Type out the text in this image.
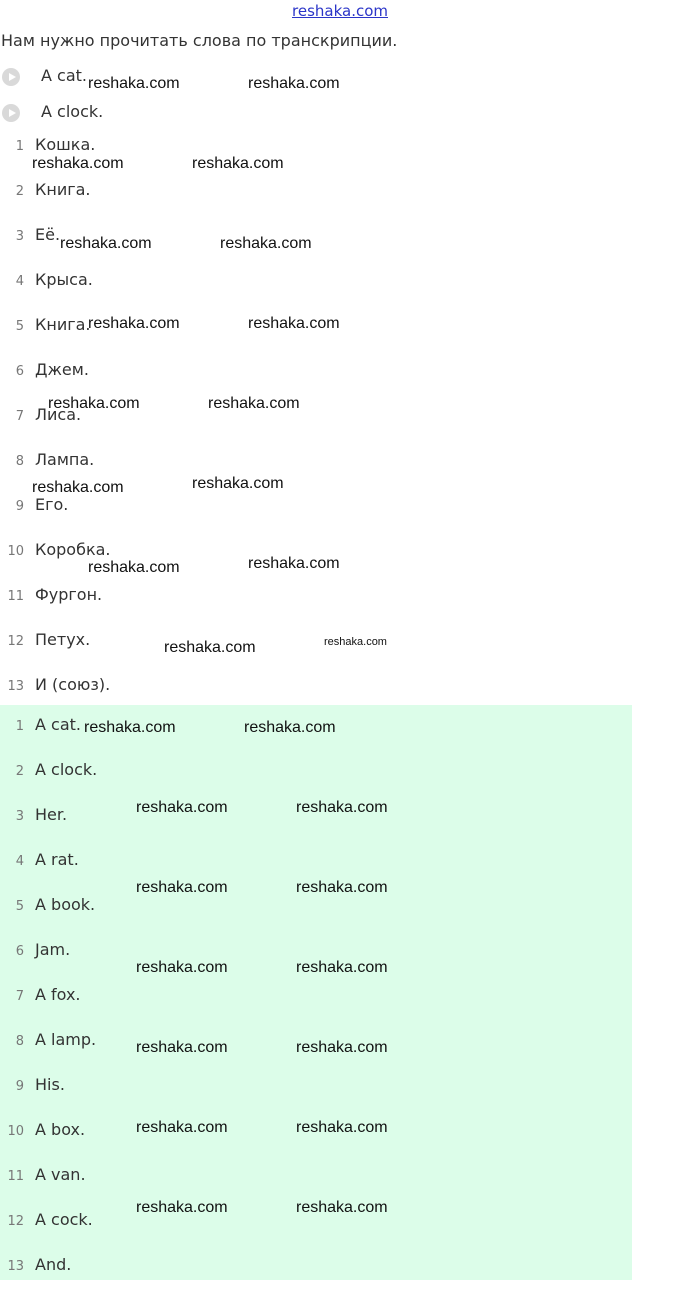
reshaka.com
Нам нужно прочитать слова по транскрипции.
A cat.
A clock.
1 Кошка.
2 Книга.
3 Её.
4 Крыса.
5 Книга.
6 Джем.
7 Лиса.
8 Лампа.
9 Его.
10 Коробка.
11 Фургон.
12 Петух.
13 И (союз).
1 A cat.
2 A clock.
3 Her.
4 A rat.
5 A book.
6 Jam.
7 A fox.
8 A lamp.
9 His.
10 A box.
11 A van.
12 A cock.
13 And.
reshaka.com	reshaka.com
reshaka.com	reshaka.com
reshaka.com	reshaka.com
reshaka.com	reshaka.com
reshaka.com	reshaka.com
reshaka.com	reshaka.com
reshaka.com	reshaka.com
reshaka.com	reshaka.com
reshaka.com	reshaka.com
reshaka.com	reshaka.com
reshaka.com	reshaka.com
reshaka.com	reshaka.com
reshaka.com	reshaka.com
reshaka.com	reshaka.com
reshaka.com	reshaka.com
